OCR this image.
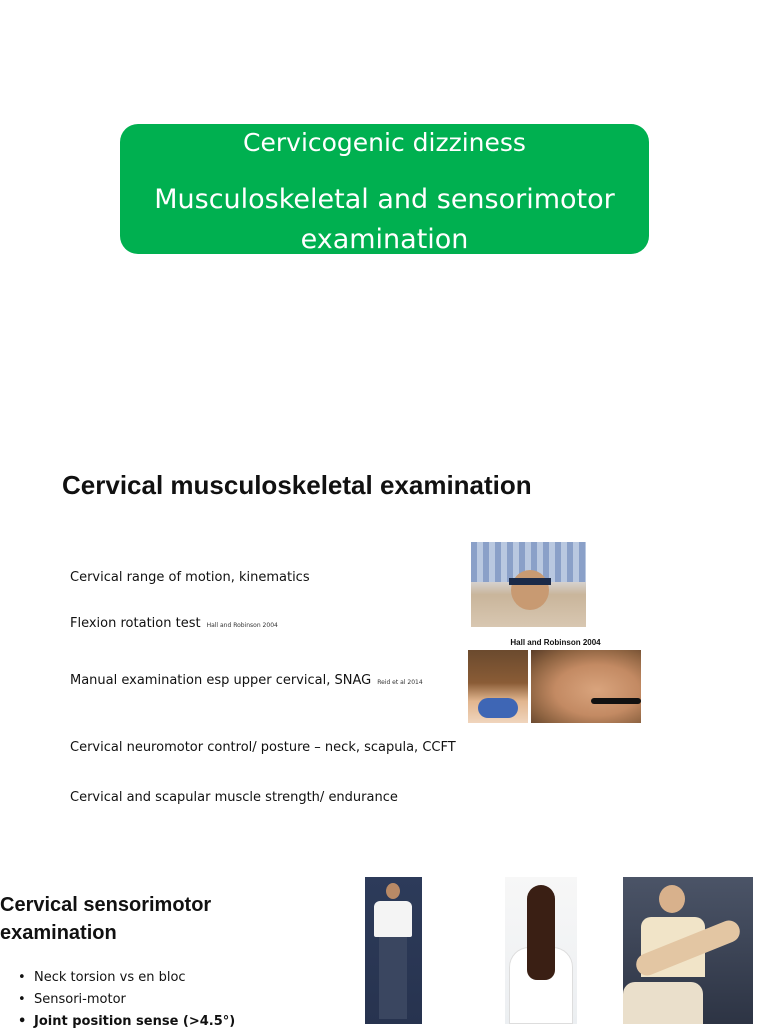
Cervicogenic dizziness
Musculoskeletal and sensorimotor examination
Cervical musculoskeletal examination
Cervical range of motion, kinematics
Flexion rotation test Hall and Robinson 2004
Manual examination esp upper cervical, SNAG Reid et al 2014
Cervical neuromotor control/ posture – neck, scapula, CCFT
Cervical and scapular muscle strength/ endurance
Hall and Robinson 2004
Cervical sensorimotor examination
• Neck torsion vs en bloc
• Sensori-motor
• Joint position sense (>4.5°)
